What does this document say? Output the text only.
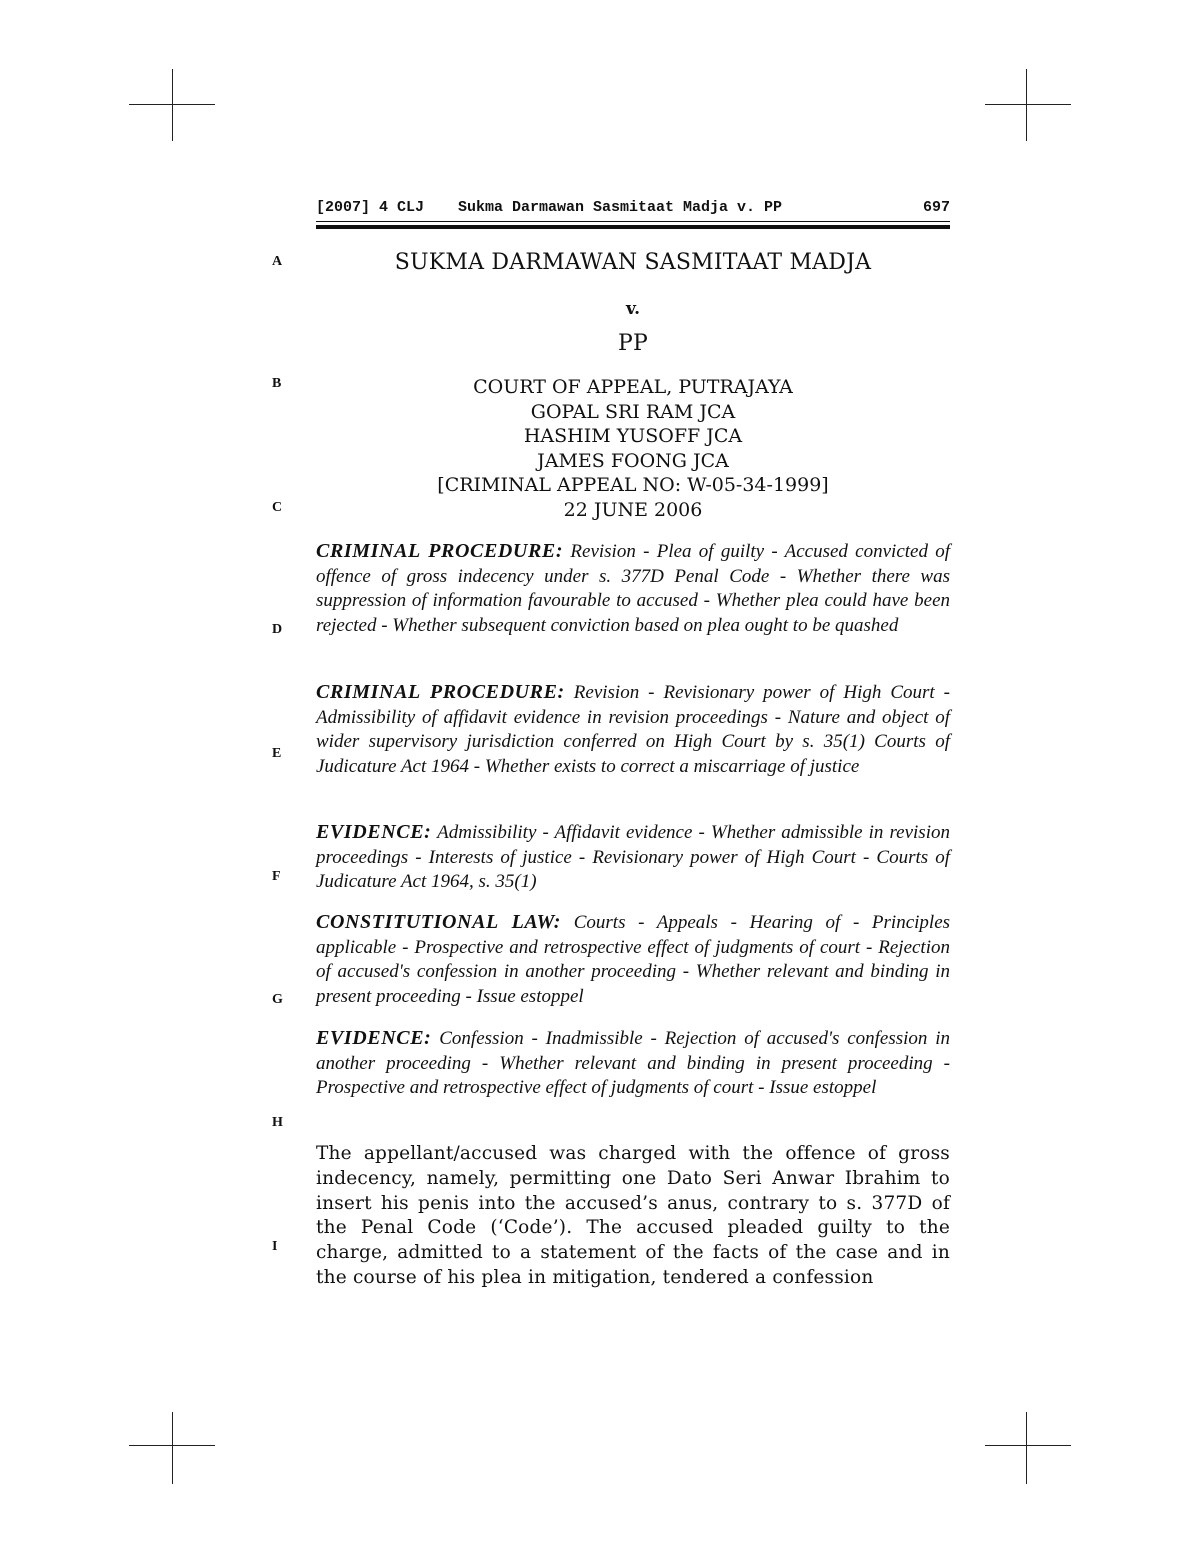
[2007] 4 CLJ Sukma Darmawan Sasmitaat Madja v. PP	697
A
B
C
D
E
F
G
H
I
SUKMA DARMAWAN SASMITAAT MADJA
v.
PP
COURT OF APPEAL, PUTRAJAYA
GOPAL SRI RAM JCA
HASHIM YUSOFF JCA
JAMES FOONG JCA
[CRIMINAL APPEAL NO: W-05-34-1999]
22 JUNE 2006
CRIMINAL PROCEDURE: Revision - Plea of guilty - Accused convicted of offence of gross indecency under s. 377D Penal Code - Whether there was suppression of information favourable to accused - Whether plea could have been rejected - Whether subsequent conviction based on plea ought to be quashed
CRIMINAL PROCEDURE: Revision - Revisionary power of High Court - Admissibility of affidavit evidence in revision proceedings - Nature and object of wider supervisory jurisdiction conferred on High Court by s. 35(1) Courts of Judicature Act 1964 - Whether exists to correct a miscarriage of justice
EVIDENCE: Admissibility - Affidavit evidence - Whether admissible in revision proceedings - Interests of justice - Revisionary power of High Court - Courts of Judicature Act 1964, s. 35(1)
CONSTITUTIONAL LAW: Courts - Appeals - Hearing of - Principles applicable - Prospective and retrospective effect of judgments of court - Rejection of accused's confession in another proceeding - Whether relevant and binding in present proceeding - Issue estoppel
EVIDENCE: Confession - Inadmissible - Rejection of accused's confession in another proceeding - Whether relevant and binding in present proceeding - Prospective and retrospective effect of judgments of court - Issue estoppel
The appellant/accused was charged with the offence of gross indecency, namely, permitting one Dato Seri Anwar Ibrahim to insert his penis into the accused’s anus, contrary to s. 377D of the Penal Code (‘Code’). The accused pleaded guilty to the charge, admitted to a statement of the facts of the case and in the course of his plea in mitigation, tendered a confession
